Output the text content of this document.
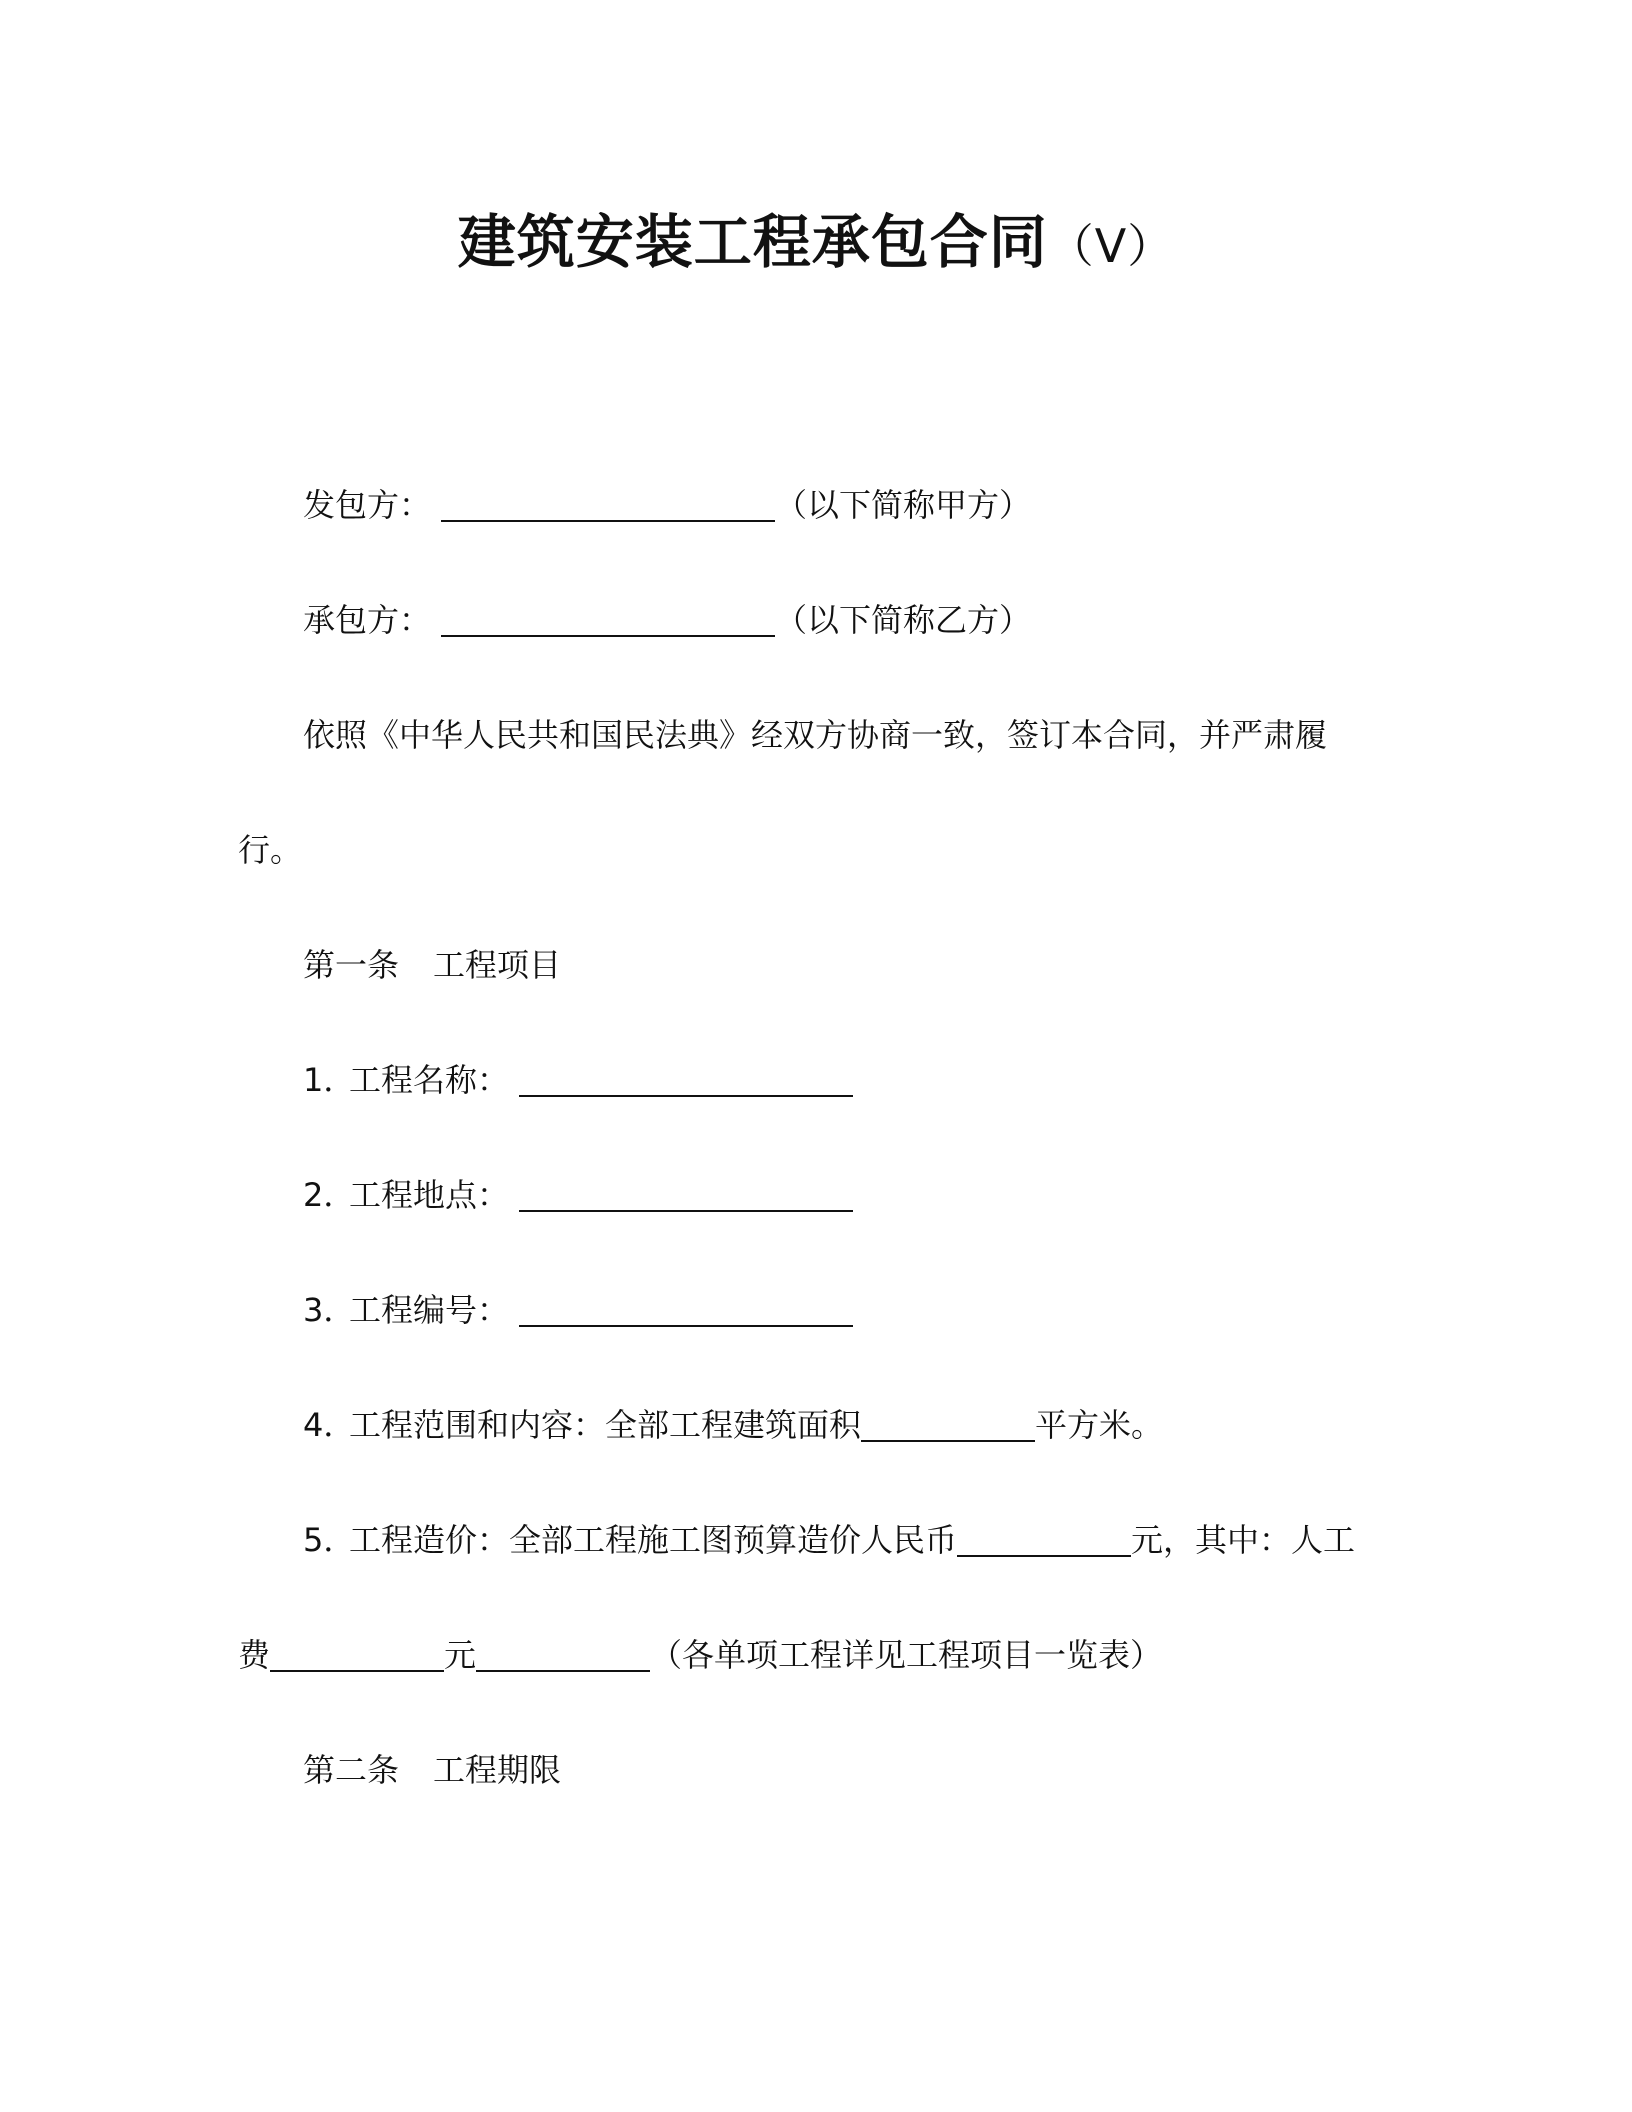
建筑安装工程承包合同（V）
发包方：	（以下简称甲方）
承包方：	（以下简称乙方）
依照《中华人民共和国民法典》经双方协商一致，签订本合同，并严肃履
行。
第一条 工程项目
1．工程名称：
2．工程地点：
3．工程编号：
4．工程范围和内容：全部工程建筑面积	平方米。
5．工程造价：全部工程施工图预算造价人民币	元，其中：人工
费	元	（各单项工程详见工程项目一览表）
第二条 工程期限
